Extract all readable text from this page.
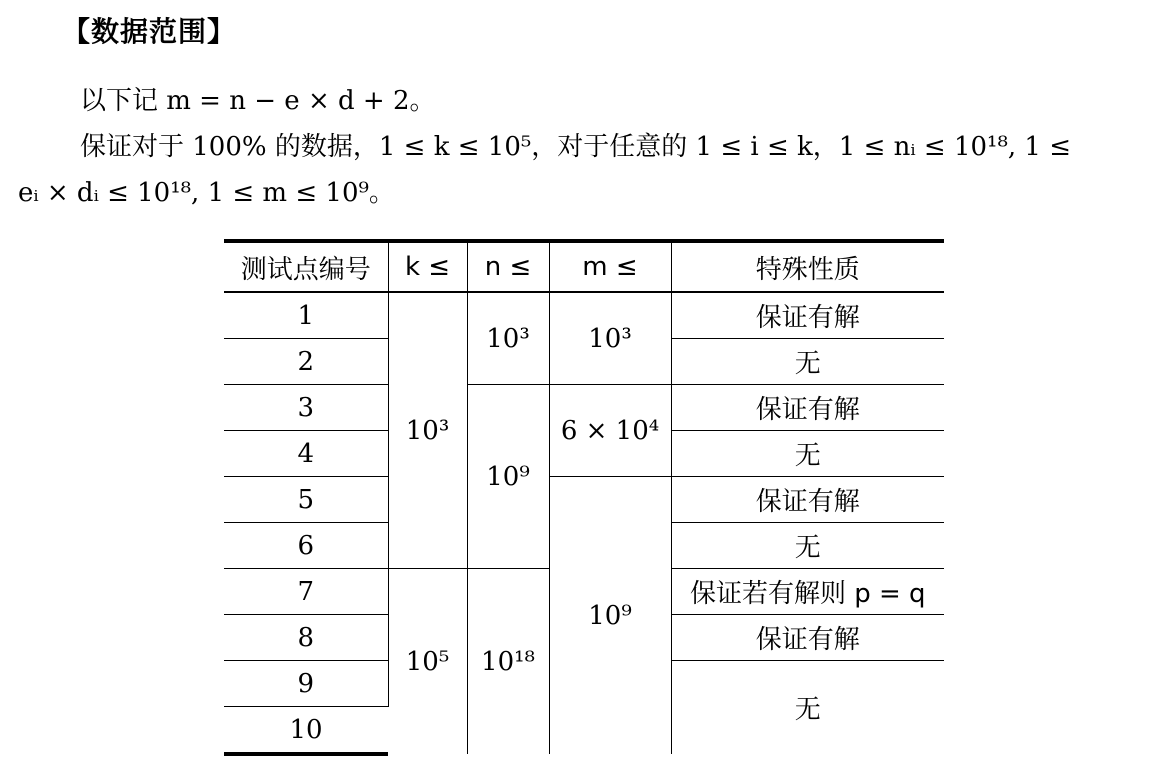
【数据范围】
以下记 m = n − e × d + 2。
保证对于 100% 的数据，1 ≤ k ≤ 10⁵，对于任意的 1 ≤ i ≤ k，1 ≤ nᵢ ≤ 10¹⁸, 1 ≤
eᵢ × dᵢ ≤ 10¹⁸, 1 ≤ m ≤ 10⁹。
测试点编号	k ≤	n ≤	m ≤	特殊性质
1	10³	10³	10³	保证有解
2				无
3		10⁹	6 × 10⁴	保证有解
4				无
5			10⁹	保证有解
6				无
7	10⁵	10¹⁸		保证若有解则 p = q
8				保证有解
9				无
10				
